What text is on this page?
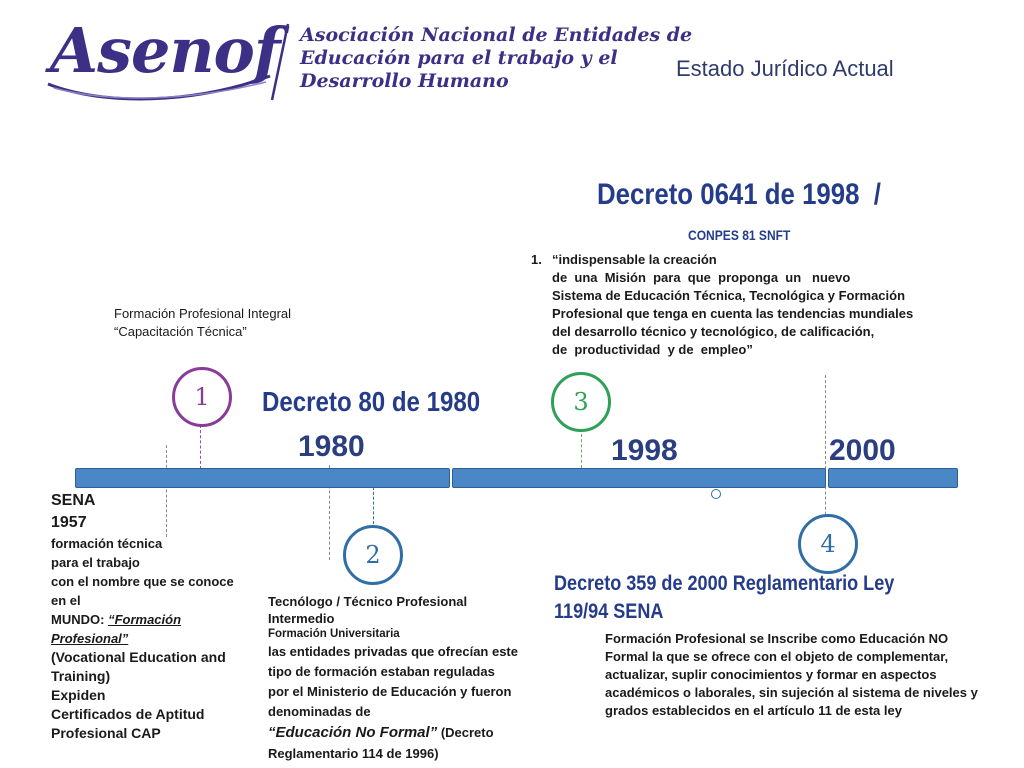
Asenof Asociación Nacional de Entidades de
Educación para el trabajo y el
Desarrollo Humano	Estado Jurídico Actual
1
2
3
4
1980	1998	2000
Decreto 80 de 1980
Decreto 0641 de 1998  /
CONPES 81 SNFT
Decreto 359 de 2000 Reglamentario Ley
119/94 SENA
Formación Profesional Integral
“Capacitación Técnica”
SENA
1957
formación técnica
para el trabajo
con el nombre que se conoce
en el
MUNDO: “Formación
Profesional”
(Vocational Education and
Training)
Expiden
Certificados de Aptitud
Profesional CAP
Tecnólogo / Técnico Profesional
Intermedio
Formación Universitaria
las entidades privadas que ofrecían este
tipo de formación estaban reguladas
por el Ministerio de Educación y fueron
denominadas de
“Educación No Formal” (Decreto
Reglamentario 114 de 1996)
1. “indispensable la creación
de  una  Misión  para  que  proponga  un   nuevo
Sistema de Educación Técnica, Tecnológica y Formación
Profesional que tenga en cuenta las tendencias mundiales
del desarrollo técnico y tecnológico, de calificación,
de  productividad  y de  empleo”
Formación Profesional se Inscribe como Educación NO
Formal la que se ofrece con el objeto de complementar,
actualizar, suplir conocimientos y formar en aspectos
académicos o laborales, sin sujeción al sistema de niveles y
grados establecidos en el artículo 11 de esta ley
